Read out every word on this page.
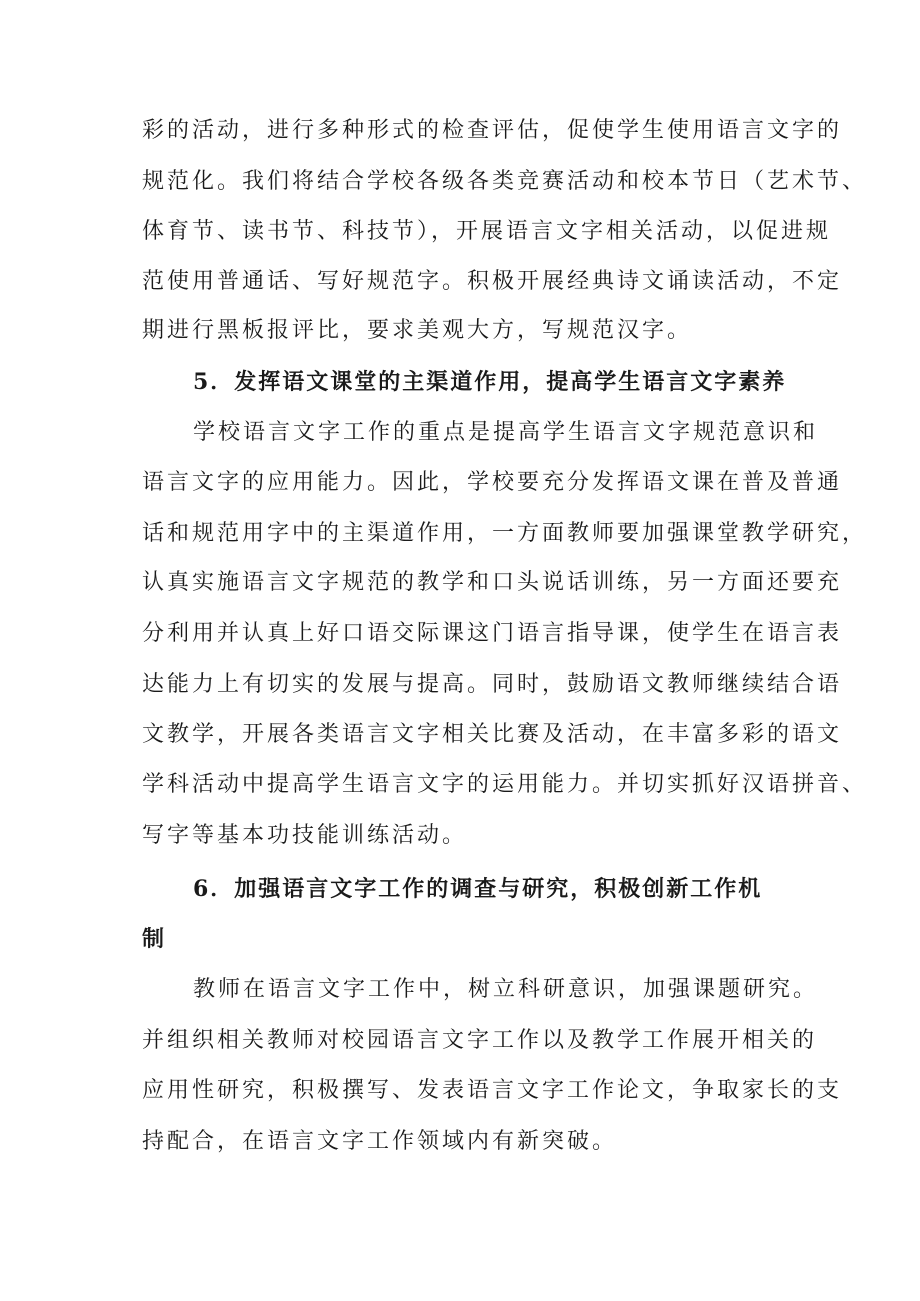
彩的活动，进行多种形式的检查评估，促使学生使用语言文字的
规范化。我们将结合学校各级各类竞赛活动和校本节日（艺术节、
体育节、读书节、科技节），开展语言文字相关活动，以促进规
范使用普通话、写好规范字。积极开展经典诗文诵读活动，不定
期进行黑板报评比，要求美观大方，写规范汉字。
5．发挥语文课堂的主渠道作用，提高学生语言文字素养
学校语言文字工作的重点是提高学生语言文字规范意识和
语言文字的应用能力。因此，学校要充分发挥语文课在普及普通
话和规范用字中的主渠道作用，一方面教师要加强课堂教学研究，
认真实施语言文字规范的教学和口头说话训练，另一方面还要充
分利用并认真上好口语交际课这门语言指导课，使学生在语言表
达能力上有切实的发展与提高。同时，鼓励语文教师继续结合语
文教学，开展各类语言文字相关比赛及活动，在丰富多彩的语文
学科活动中提高学生语言文字的运用能力。并切实抓好汉语拼音、
写字等基本功技能训练活动。
6．加强语言文字工作的调查与研究，积极创新工作机
制
教师在语言文字工作中，树立科研意识，加强课题研究。
并组织相关教师对校园语言文字工作以及教学工作展开相关的
应用性研究，积极撰写、发表语言文字工作论文，争取家长的支
持配合，在语言文字工作领域内有新突破。
